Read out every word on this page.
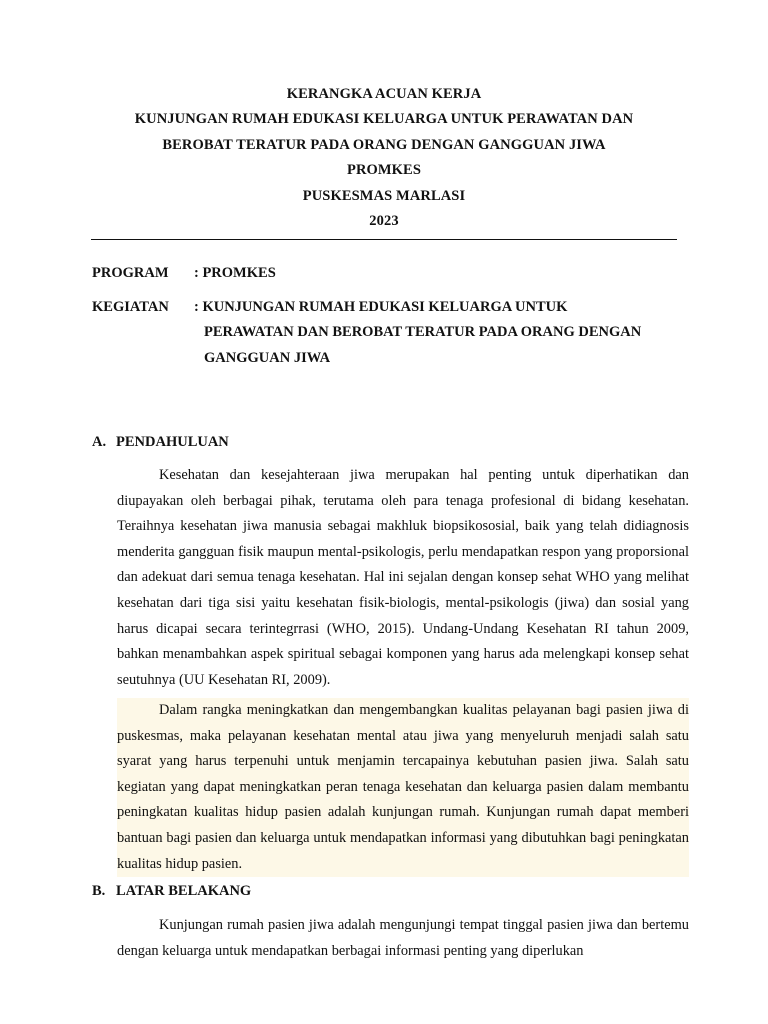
KERANGKA ACUAN KERJA
KUNJUNGAN RUMAH EDUKASI KELUARGA UNTUK PERAWATAN DAN
BEROBAT TERATUR PADA ORANG DENGAN GANGGUAN JIWA
PROMKES
PUSKESMAS MARLASI
2023
PROGRAM : PROMKES
KEGIATAN : KUNJUNGAN RUMAH EDUKASI KELUARGA UNTUK
PERAWATAN DAN BEROBAT TERATUR PADA ORANG DENGAN
GANGGUAN JIWA
A. PENDAHULUAN

Kesehatan dan kesejahteraan jiwa merupakan hal penting untuk diperhatikan dan diupayakan oleh berbagai pihak, terutama oleh para tenaga profesional di bidang kesehatan. Teraihnya kesehatan jiwa manusia sebagai makhluk biopsikososial, baik yang telah didiagnosis menderita gangguan fisik maupun mental-psikologis, perlu mendapatkan respon yang proporsional dan adekuat dari semua tenaga kesehatan. Hal ini sejalan dengan konsep sehat WHO yang melihat kesehatan dari tiga sisi yaitu kesehatan fisik-biologis, mental-psikologis (jiwa) dan sosial yang harus dicapai secara terintegrrasi (WHO, 2015). Undang-Undang Kesehatan RI tahun 2009, bahkan menambahkan aspek spiritual sebagai komponen yang harus ada melengkapi konsep sehat seutuhnya (UU Kesehatan RI, 2009).

Dalam rangka meningkatkan dan mengembangkan kualitas pelayanan bagi pasien jiwa di puskesmas, maka pelayanan kesehatan mental atau jiwa yang menyeluruh menjadi salah satu syarat yang harus terpenuhi untuk menjamin tercapainya kebutuhan pasien jiwa. Salah satu kegiatan yang dapat meningkatkan peran tenaga kesehatan dan keluarga pasien dalam membantu peningkatan kualitas hidup pasien adalah kunjungan rumah. Kunjungan rumah dapat memberi bantuan bagi pasien dan keluarga untuk mendapatkan informasi yang dibutuhkan bagi peningkatan kualitas hidup pasien.

B. LATAR BELAKANG

Kunjungan rumah pasien jiwa adalah mengunjungi tempat tinggal pasien jiwa dan bertemu dengan keluarga untuk mendapatkan berbagai informasi penting yang diperlukan
